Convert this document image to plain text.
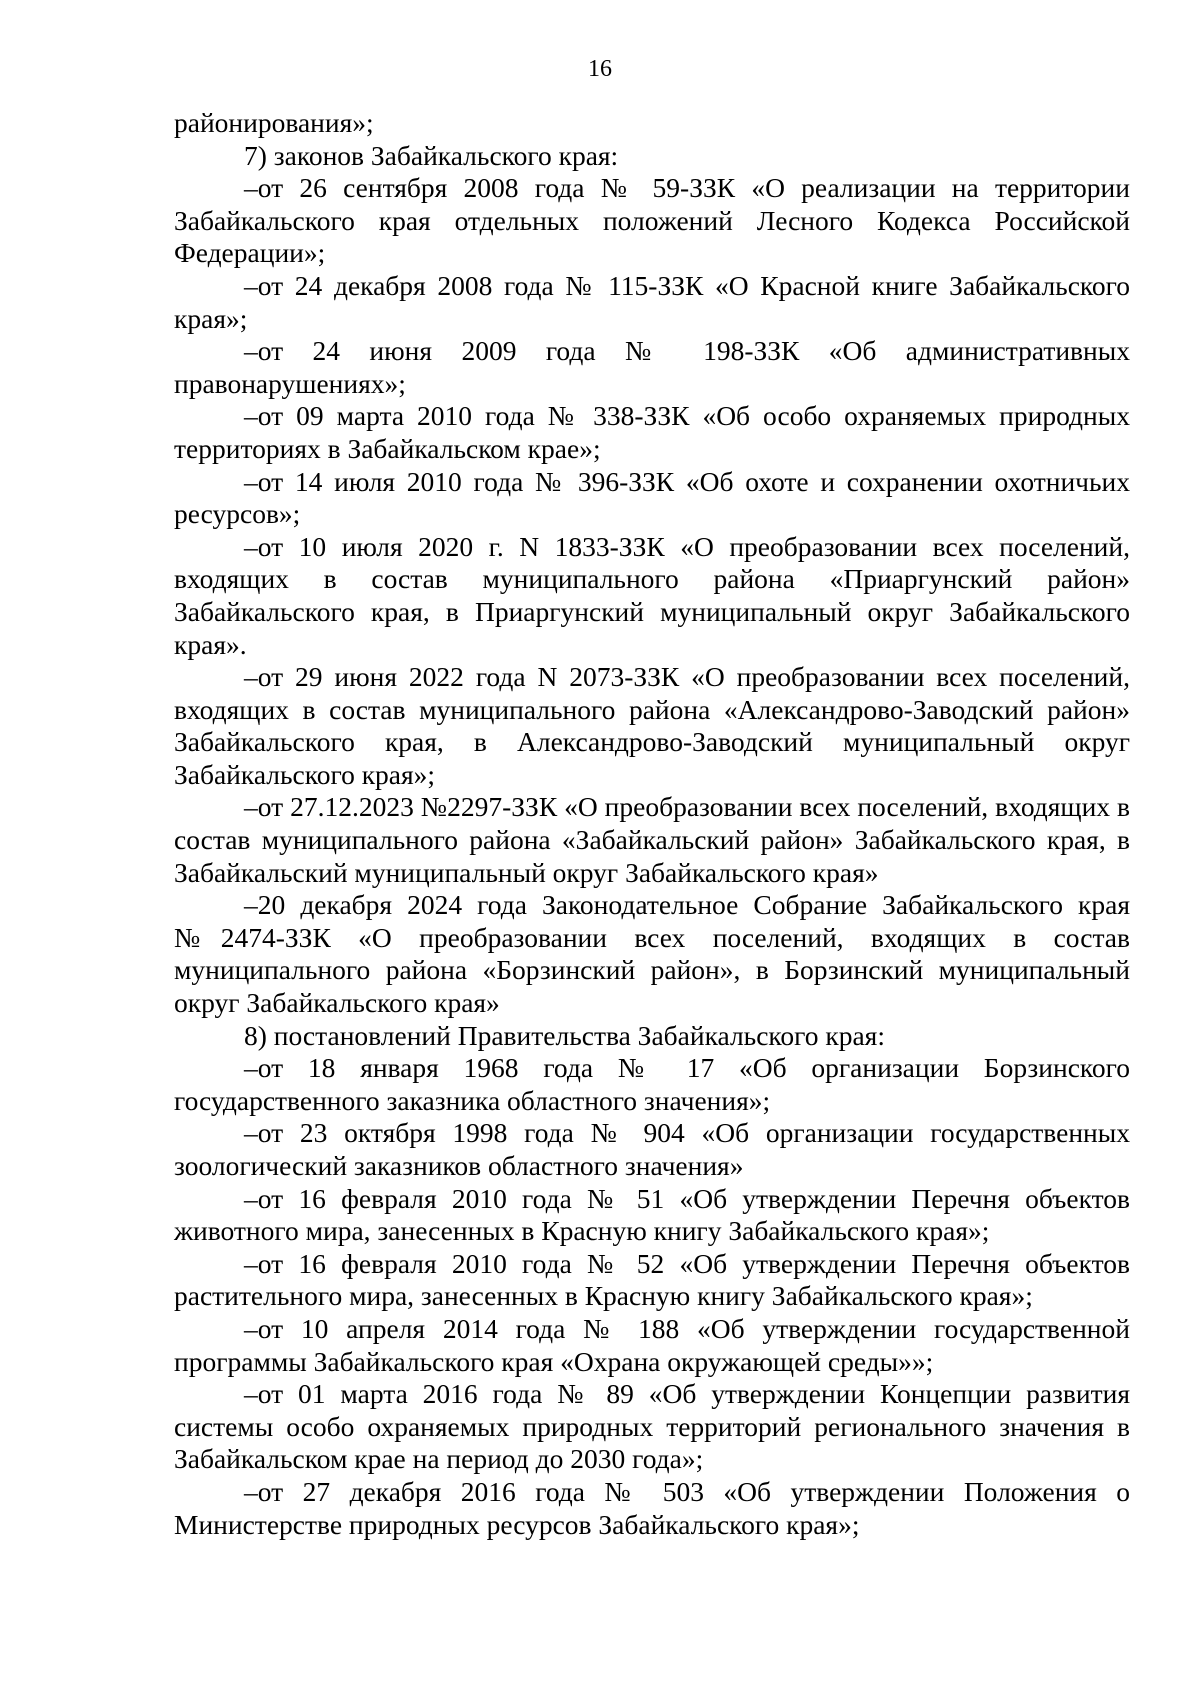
16

районирования»;

7) законов Забайкальского края:

–от 26 сентября 2008 года № 59-ЗЗК «О реализации на территории Забайкальского края отдельных положений Лесного Кодекса Российской Федерации»;

–от 24 декабря 2008 года № 115-ЗЗК «О Красной книге Забайкальского края»;

–от 24 июня 2009 года № 198-ЗЗК «Об административных правонарушениях»;

–от 09 марта 2010 года № 338-ЗЗК «Об особо охраняемых природных территориях в Забайкальском крае»;

–от 14 июля 2010 года № 396-ЗЗК «Об охоте и сохранении охотничьих ресурсов»;

–от 10 июля 2020 г. N 1833-ЗЗК «О преобразовании всех поселений, входящих в состав муниципального района «Приаргунский район» Забайкальского края, в Приаргунский муниципальный округ Забайкальского края».

–от 29 июня 2022 года N 2073-ЗЗК «О преобразовании всех поселений, входящих в состав муниципального района «Александрово-Заводский район» Забайкальского края, в Александрово-Заводский муниципальный округ Забайкальского края»;

–от 27.12.2023 №2297-ЗЗК «О преобразовании всех поселений, входящих в состав муниципального района «Забайкальский район» Забайкальского края, в Забайкальский муниципальный округ Забайкальского края»

–20 декабря 2024 года Законодательное Собрание Забайкальского края №2474-ЗЗК «О преобразовании всех поселений, входящих в состав муниципального района «Борзинский район», в Борзинский муниципальный округ Забайкальского края»

8) постановлений Правительства Забайкальского края:

–от 18 января 1968 года № 17 «Об организации Борзинского государственного заказника областного значения»;

–от 23 октября 1998 года № 904 «Об организации государственных зоологический заказников областного значения»

–от 16 февраля 2010 года № 51 «Об утверждении Перечня объектов животного мира, занесенных в Красную книгу Забайкальского края»;

–от 16 февраля 2010 года № 52 «Об утверждении Перечня объектов растительного мира, занесенных в Красную книгу Забайкальского края»;

–от 10 апреля 2014 года № 188 «Об утверждении государственной программы Забайкальского края «Охрана окружающей среды»»;

–от 01 марта 2016 года № 89 «Об утверждении Концепции развития системы особо охраняемых природных территорий регионального значения в Забайкальском крае на период до 2030 года»;

–от 27 декабря 2016 года № 503 «Об утверждении Положения о Министерстве природных ресурсов Забайкальского края»;
